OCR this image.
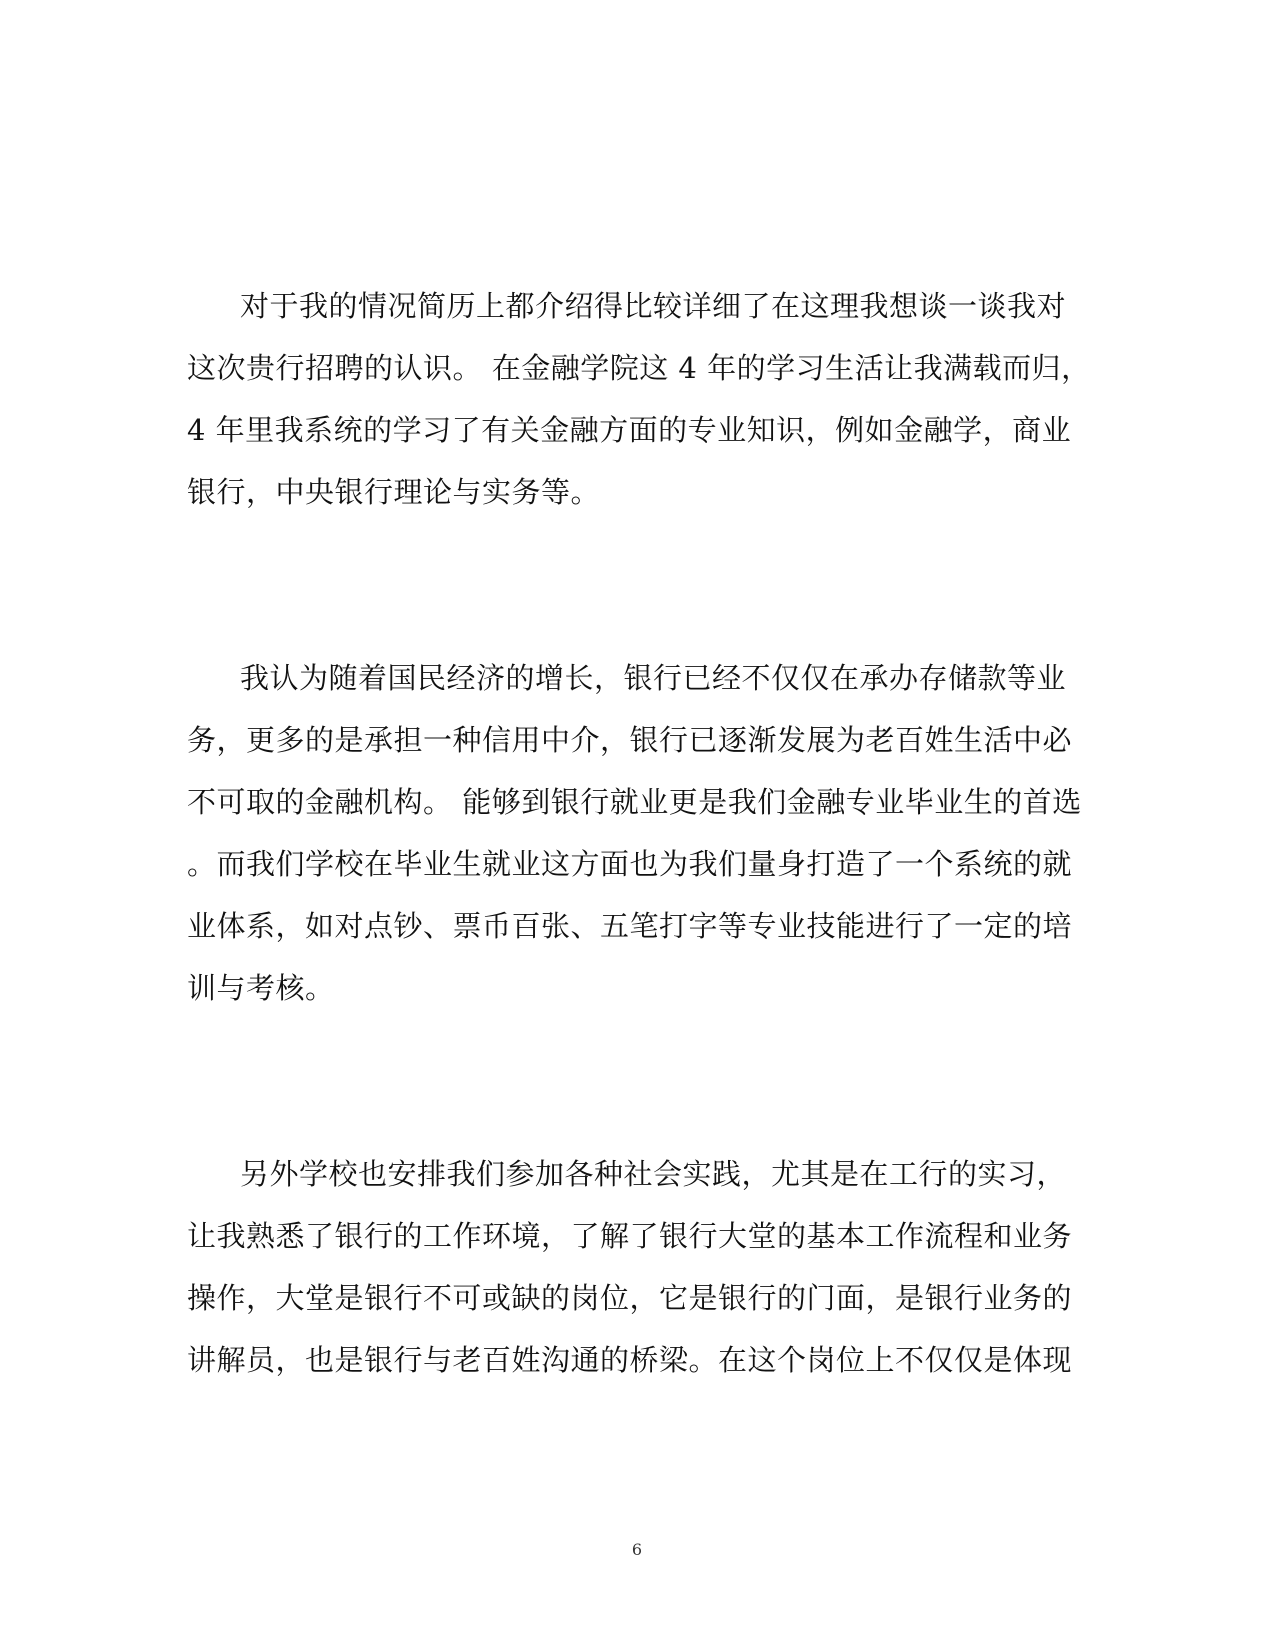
对于我的情况简历上都介绍得比较详细了在这理我想谈一谈我对
这次贵行招聘的认识。 在金融学院这 4 年的学习生活让我满载而归，
4 年里我系统的学习了有关金融方面的专业知识，例如金融学，商业
银行，中央银行理论与实务等。
我认为随着国民经济的增长，银行已经不仅仅在承办存储款等业
务，更多的是承担一种信用中介，银行已逐渐发展为老百姓生活中必
不可取的金融机构。 能够到银行就业更是我们金融专业毕业生的首选
。而我们学校在毕业生就业这方面也为我们量身打造了一个系统的就
业体系，如对点钞、票币百张、五笔打字等专业技能进行了一定的培
训与考核。
另外学校也安排我们参加各种社会实践，尤其是在工行的实习，
让我熟悉了银行的工作环境，了解了银行大堂的基本工作流程和业务
操作，大堂是银行不可或缺的岗位，它是银行的门面，是银行业务的
讲解员，也是银行与老百姓沟通的桥梁。在这个岗位上不仅仅是体现
6
